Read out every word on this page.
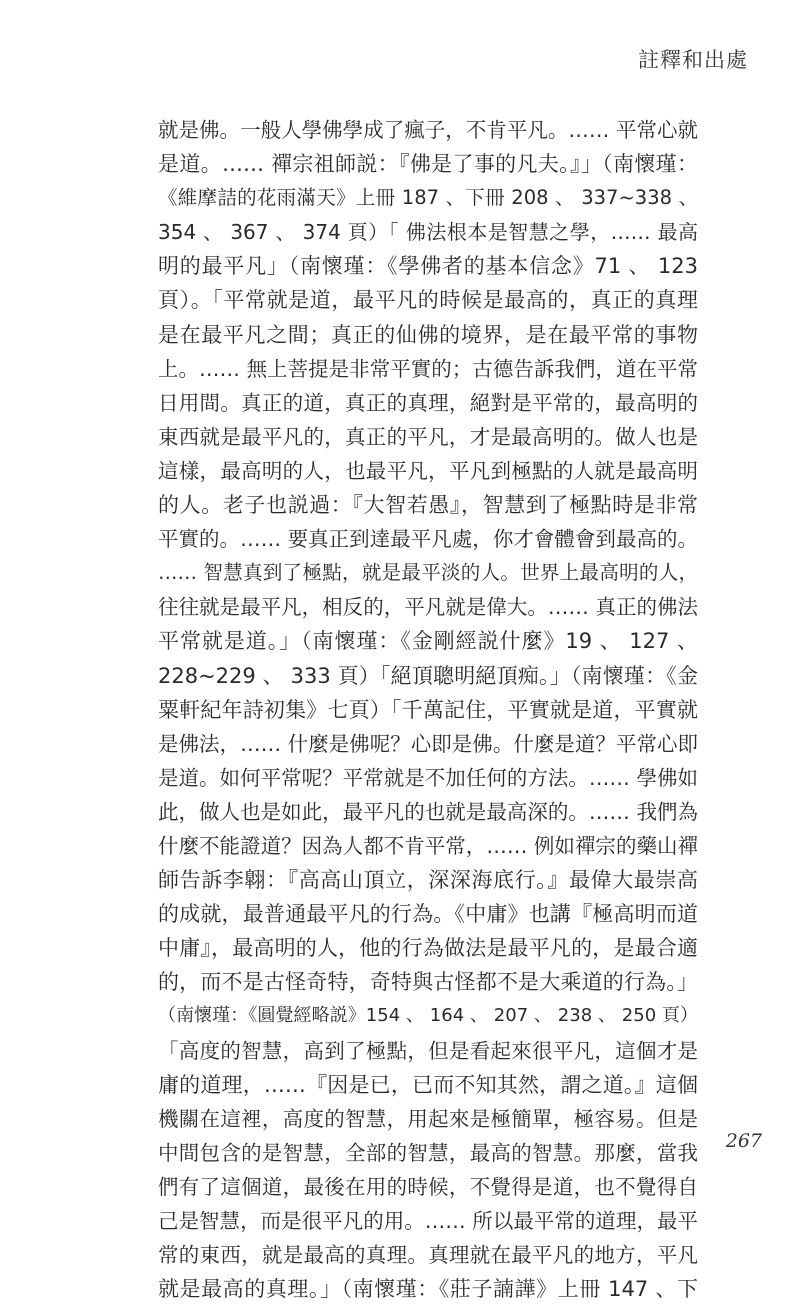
註釋和出處
就是佛。一般人學佛學成了瘋子，不肯平凡。…… 平常心就
是道。…… 禪宗祖師説：『佛是了事的凡夫。』」（南懷瑾：
《維摩詰的花雨滿天》上冊 187 、下冊 208 、 337~338 、
354 、 367 、 374 頁）「 佛法根本是智慧之學，…… 最高
明的最平凡」（南懷瑾：《學佛者的基本信念》71 、 123
頁）。「平常就是道，最平凡的時候是最高的，真正的真理
是在最平凡之間；真正的仙佛的境界，是在最平常的事物
上。…… 無上菩提是非常平實的；古德告訴我們，道在平常
日用間。真正的道，真正的真理，絕對是平常的，最高明的
東西就是最平凡的，真正的平凡，才是最高明的。做人也是
這樣，最高明的人，也最平凡，平凡到極點的人就是最高明
的人。老子也説過：『大智若愚』，智慧到了極點時是非常
平實的。…… 要真正到達最平凡處，你才會體會到最高的。
…… 智慧真到了極點，就是最平淡的人。世界上最高明的人，
往往就是最平凡，相反的，平凡就是偉大。…… 真正的佛法
平常就是道。」（南懷瑾：《金剛經説什麼》19 、 127 、
228~229 、 333 頁）「絕頂聰明絕頂痴。」（南懷瑾：《金
粟軒紀年詩初集》七頁）「千萬記住，平實就是道，平實就
是佛法，…… 什麼是佛呢？心即是佛。什麼是道？平常心即
是道。如何平常呢？平常就是不加任何的方法。…… 學佛如
此，做人也是如此，最平凡的也就是最高深的。…… 我們為
什麼不能證道？因為人都不肯平常，…… 例如禪宗的藥山禪
師告訴李翺：『高高山頂立，深深海底行。』最偉大最崇高
的成就，最普通最平凡的行為。《中庸》也講『極高明而道
中庸』，最高明的人，他的行為做法是最平凡的，是最合適
的，而不是古怪奇特，奇特與古怪都不是大乘道的行為。」
（南懷瑾：《圓覺經略説》154 、 164 、 207 、 238 、 250 頁）
「高度的智慧，高到了極點，但是看起來很平凡，這個才是
庸的道理，……『因是已，已而不知其然，謂之道。』這個
機關在這裡，高度的智慧，用起來是極簡單，極容易。但是
中間包含的是智慧，全部的智慧，最高的智慧。那麼，當我
們有了這個道，最後在用的時候，不覺得是道，也不覺得自
己是智慧，而是很平凡的用。…… 所以最平常的道理，最平
常的東西，就是最高的真理。真理就在最平凡的地方，平凡
就是最高的真理。」（南懷瑾：《莊子諵譁》上冊 147 、下
267
